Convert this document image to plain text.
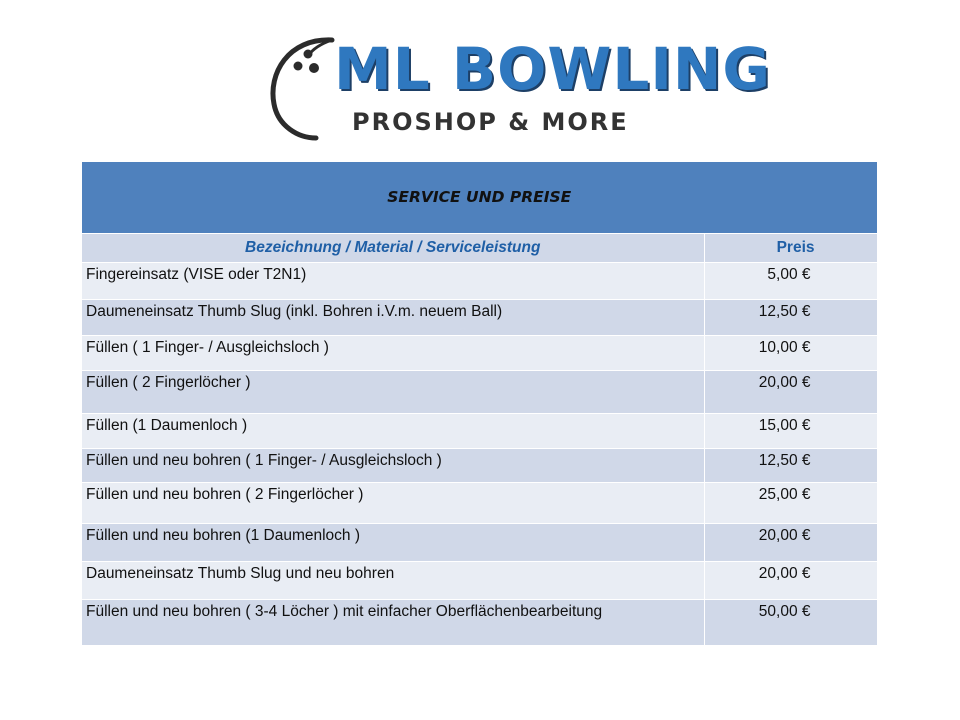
ML BOWLING
PROSHOP & MORE
SERVICE UND PREISE	
Bezeichnung / Material / Serviceleistung	Preis
Fingereinsatz (VISE oder T2N1)	5,00 €
Daumeneinsatz Thumb Slug (inkl. Bohren i.V.m. neuem Ball)	12,50 €
Füllen ( 1 Finger- / Ausgleichsloch )	10,00 €
Füllen ( 2 Fingerlöcher )	20,00 €
Füllen (1 Daumenloch )	15,00 €
Füllen und neu bohren ( 1 Finger- / Ausgleichsloch )	12,50 €
Füllen und neu bohren ( 2 Fingerlöcher )	25,00 €
Füllen und neu bohren (1 Daumenloch )	20,00 €
Daumeneinsatz Thumb Slug und neu bohren	20,00 €
Füllen und neu bohren ( 3-4 Löcher ) mit einfacher Oberflächenbearbeitung	50,00 €
